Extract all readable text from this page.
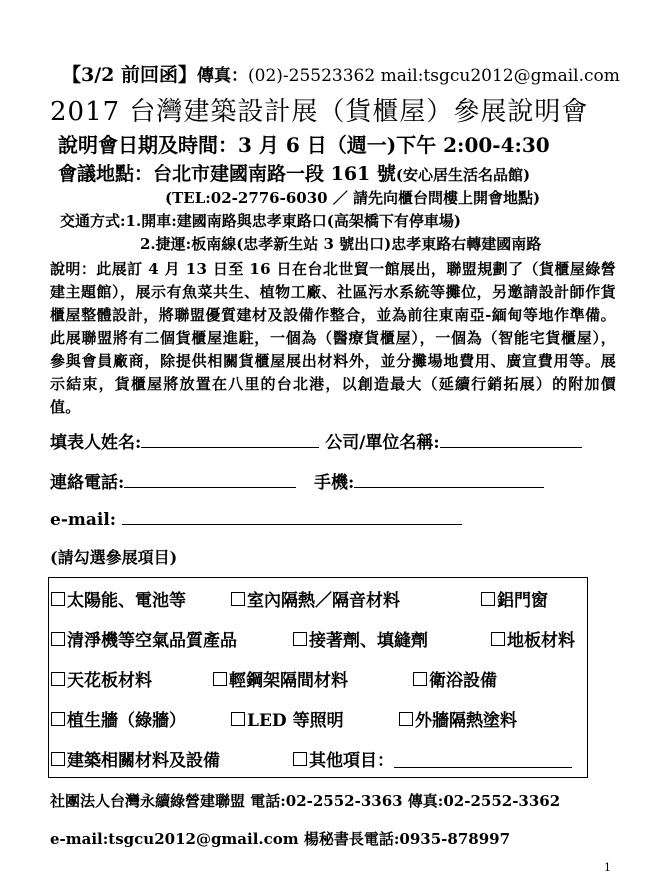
【3/2 前回函】傳真：(02)-25523362 mail:tsgcu2012@gmail.com
2017 台灣建築設計展（貨櫃屋）參展說明會
說明會日期及時間：3 月 6 日（週一)下午 2:00-4:30
會議地點：台北市建國南路一段 161 號(安心居生活名品館)
(TEL:02-2776-6030 ／ 請先向櫃台問樓上開會地點)
交通方式:1.開車:建國南路與忠孝東路口(高架橋下有停車場)
2.捷運:板南線(忠孝新生站 3 號出口)忠孝東路右轉建國南路
說明：此展訂 4 月 13 日至 16 日在台北世貿一館展出，聯盟規劃了（貨櫃屋綠營建主題館），展示有魚菜共生、植物工廠、社區污水系統等攤位，另邀請設計師作貨櫃屋整體設計，將聯盟優質建材及設備作整合，並為前往東南亞-緬甸等地作準備。此展聯盟將有二個貨櫃屋進駐，一個為（醫療貨櫃屋），一個為（智能宅貨櫃屋），參與會員廠商，除提供相關貨櫃屋展出材料外，並分攤場地費用、廣宣費用等。展示結束，貨櫃屋將放置在八里的台北港，以創造最大（延續行銷拓展）的附加價值。
填表人姓名:	公司/單位名稱:
連絡電話:	手機:
e-mail:
(請勾選參展項目)
太陽能、電池等	室內隔熱／隔音材料	鋁門窗
清淨機等空氣品質產品	接著劑、填縫劑	地板材料
天花板材料	輕鋼架隔間材料	衛浴設備
植生牆（綠牆）	LED 等照明	外牆隔熱塗料
建築相關材料及設備	其他項目：
社團法人台灣永續綠營建聯盟 電話:02-2552-3363 傳真:02-2552-3362
e-mail:tsgcu2012@gmail.com 楊秘書長電話:0935-878997
1
